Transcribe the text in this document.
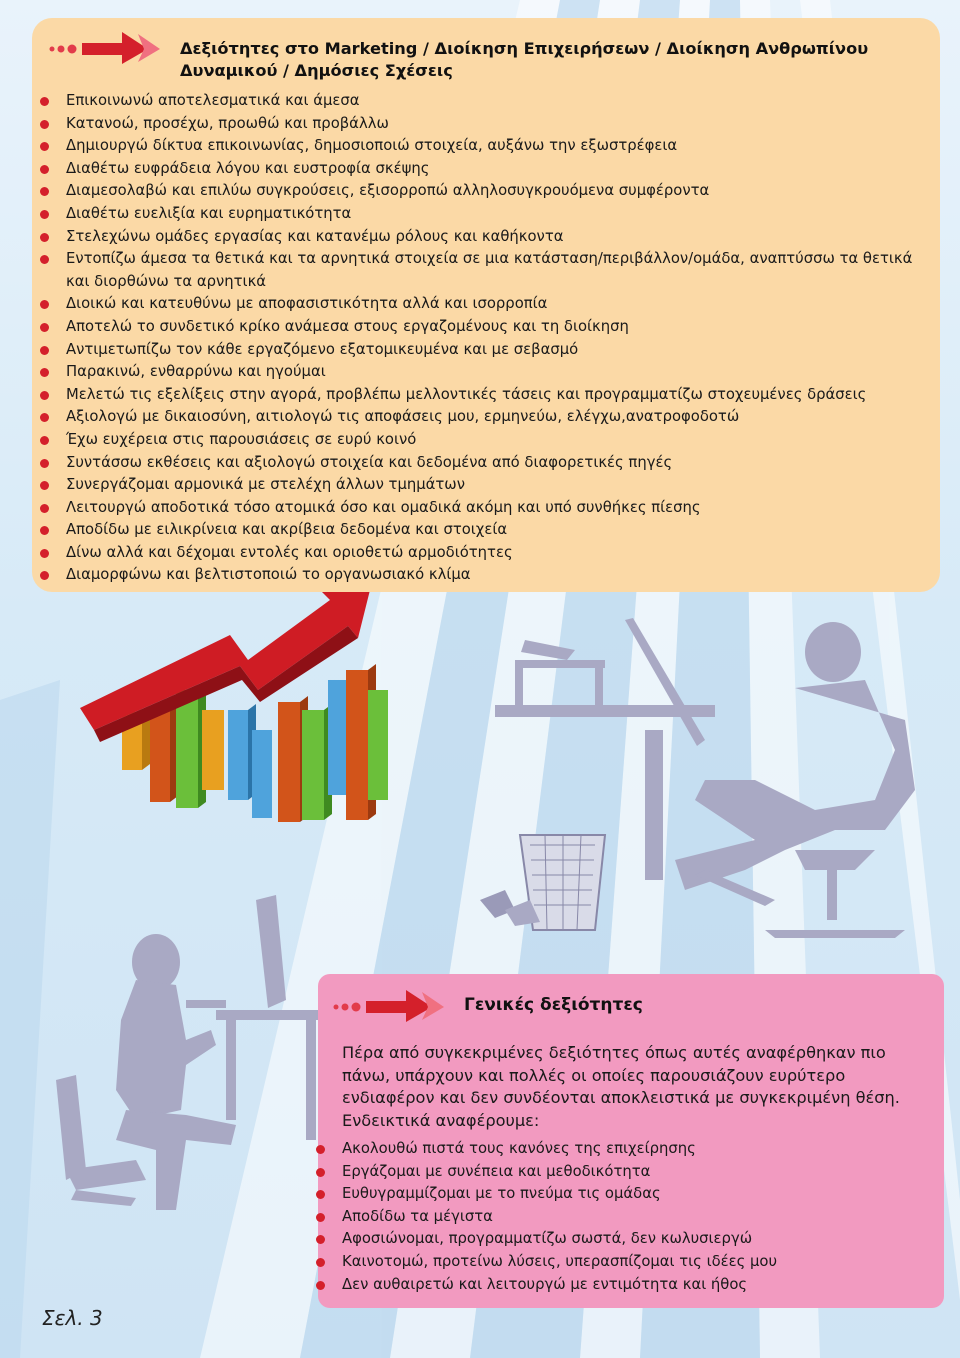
Δεξιότητες στο Marketing / Διοίκηση Επιχειρήσεων / Διοίκηση Ανθρωπίνου Δυναμικού / Δημόσιες Σχέσεις
Επικοινωνώ αποτελεσματικά και άμεσα
Κατανοώ, προσέχω, προωθώ και προβάλλω
Δημιουργώ δίκτυα επικοινωνίας, δημοσιοποιώ στοιχεία, αυξάνω την εξωστρέφεια
Διαθέτω ευφράδεια λόγου και ευστροφία σκέψης
Διαμεσολαβώ και επιλύω συγκρούσεις, εξισορροπώ αλληλοσυγκρουόμενα συμφέροντα
Διαθέτω ευελιξία και ευρηματικότητα
Στελεχώνω ομάδες εργασίας και κατανέμω ρόλους και καθήκοντα
Εντοπίζω άμεσα τα θετικά και τα αρνητικά στοιχεία σε μια κατάσταση/περιβάλλον/ομάδα, αναπτύσσω τα θετικά και διορθώνω τα αρνητικά
Διοικώ και κατευθύνω με αποφασιστικότητα αλλά και ισορροπία
Αποτελώ το συνδετικό κρίκο ανάμεσα στους εργαζομένους και τη διοίκηση
Αντιμετωπίζω τον κάθε εργαζόμενο εξατομικευμένα και με σεβασμό
Παρακινώ, ενθαρρύνω και ηγούμαι
Μελετώ τις εξελίξεις στην αγορά, προβλέπω μελλοντικές τάσεις και προγραμματίζω στοχευμένες δράσεις
Αξιολογώ με δικαιοσύνη, αιτιολογώ τις αποφάσεις μου, ερμηνεύω, ελέγχω,ανατροφοδοτώ
Έχω ευχέρεια στις παρουσιάσεις σε ευρύ κοινό
Συντάσσω εκθέσεις και αξιολογώ στοιχεία και δεδομένα από διαφορετικές πηγές
Συνεργάζομαι αρμονικά με στελέχη άλλων τμημάτων
Λειτουργώ αποδοτικά τόσο ατομικά όσο και ομαδικά ακόμη και υπό συνθήκες πίεσης
Αποδίδω με ειλικρίνεια και ακρίβεια δεδομένα και στοιχεία
Δίνω αλλά και δέχομαι εντολές και οριοθετώ αρμοδιότητες
Διαμορφώνω και βελτιστοποιώ το οργανωσιακό κλίμα
Γενικές δεξιότητες
Πέρα από συγκεκριμένες δεξιότητες όπως αυτές αναφέρθηκαν πιο πάνω, υπάρχουν και πολλές οι οποίες παρουσιάζουν ευρύτερο ενδιαφέρον και δεν συνδέονται αποκλειστικά με συγκεκριμένη θέση. Ενδεικτικά αναφέρουμε:
Ακολουθώ πιστά τους κανόνες της επιχείρησης
Εργάζομαι με συνέπεια και μεθοδικότητα
Ευθυγραμμίζομαι με το πνεύμα τις ομάδας
Αποδίδω τα μέγιστα
Αφοσιώνομαι, προγραμματίζω σωστά, δεν κωλυσιεργώ
Καινοτομώ, προτείνω λύσεις, υπερασπίζομαι τις ιδέες μου
Δεν αυθαιρετώ και λειτουργώ με εντιμότητα και ήθος
Σελ. 3
